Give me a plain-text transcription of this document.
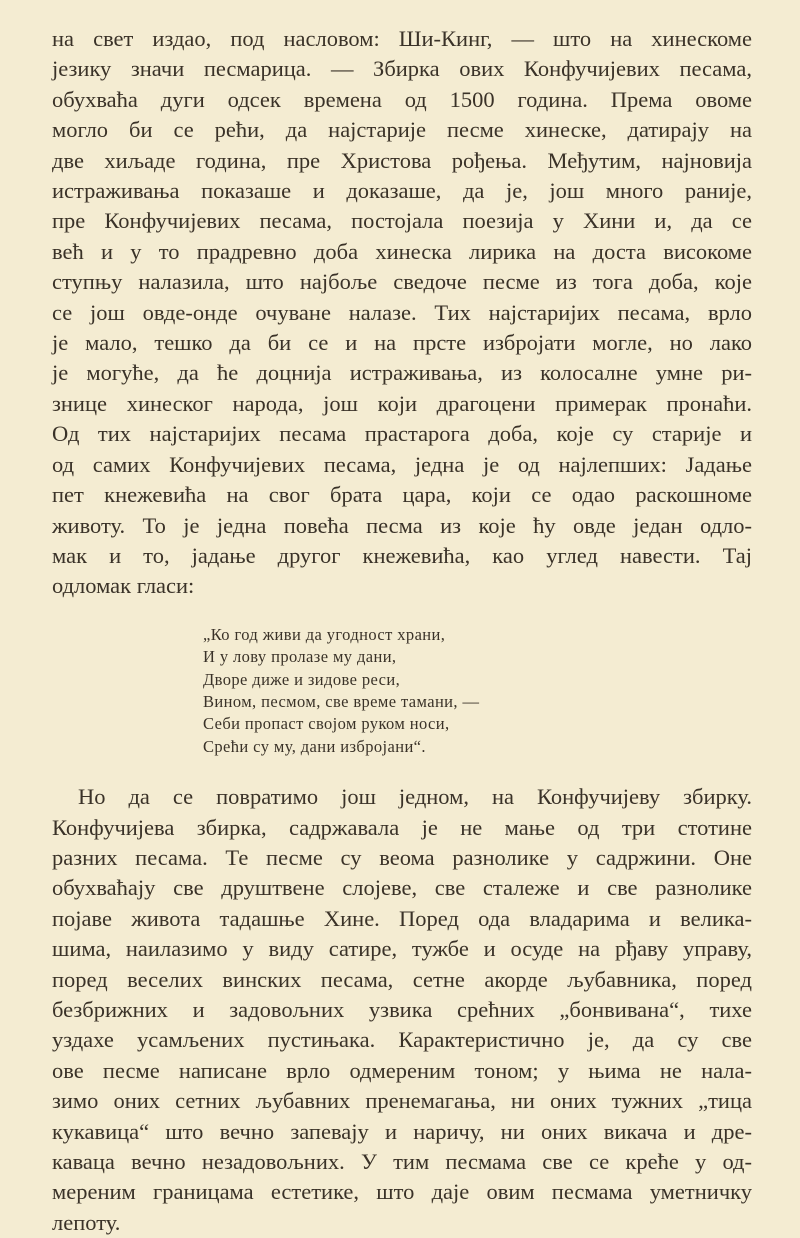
на свет издао, под насловом: Ши-Кинг, — што на хинескоме
језику значи песмарица. — Збирка ових Конфучијевих песама,
обухваћа дуги одсек времена од 1500 година. Према овоме
могло би се рећи, да најстарије песме хинеске, датирају на
две хиљаде година, пре Христова рођења. Међутим, најновија
истраживања показаше и доказаше, да је, још много раније,
пре Конфучијевих песама, постојала поезија у Хини и, да се
већ и у то прадревно доба хинеска лирика на доста високоме
ступњу налазила, што најбоље сведоче песме из тога доба, које
се још овде-онде очуване налазе. Тих најстаријих песама, врло
је мало, тешко да би се и на прсте избројати могле, но лако
је могуће, да ће доцнија истраживања, из колосалне умне ри-
знице хинеског народа, још који драгоцени примерак пронаћи.
Од тих најстаријих песама прастарога доба, које су старије и
од самих Конфучијевих песама, једна је од најлепших: Јадање
пет кнежевића на свог брата цара, који се одао раскошноме
животу. То је једна повећа песма из које ћу овде један одло-
мак и то, јадање другог кнежевића, као углед навести. Тај
одломак гласи:

„Ко год живи да угодност храни,
И у лову пролазе му дани,
Дворе диже и зидове реси,
Вином, песмом, све време тамани, —
Себи пропаст својом руком носи,
Срећи су му, дани избројани“.

Но да се повратимо још једном, на Конфучијеву збирку.
Конфучијева збирка, садржавала је не мање од три стотине
разних песама. Те песме су веома разнолике у садржини. Оне
обухваћају све друштвене слојеве, све сталеже и све разнолике
појаве живота тадашње Хине. Поред ода владарима и велика-
шима, наилазимо у виду сатире, тужбе и осуде на рђаву управу,
поред веселих винских песама, сетне акорде љубавника, поред
безбрижних и задовољних узвика срећних „бонвивана“, тихе
уздахе усамљених пустињака. Карактеристично је, да су све
ове песме написане врло одмереним тоном; у њима не нала-
зимо оних сетних љубавних пренемагања, ни оних тужних „тица
кукавица“ што вечно запевају и наричу, ни оних викача и дре-
каваца вечно незадовољних. У тим песмама све се креће у од-
мереним границама естетике, што даје овим песмама уметничку
лепоту.
